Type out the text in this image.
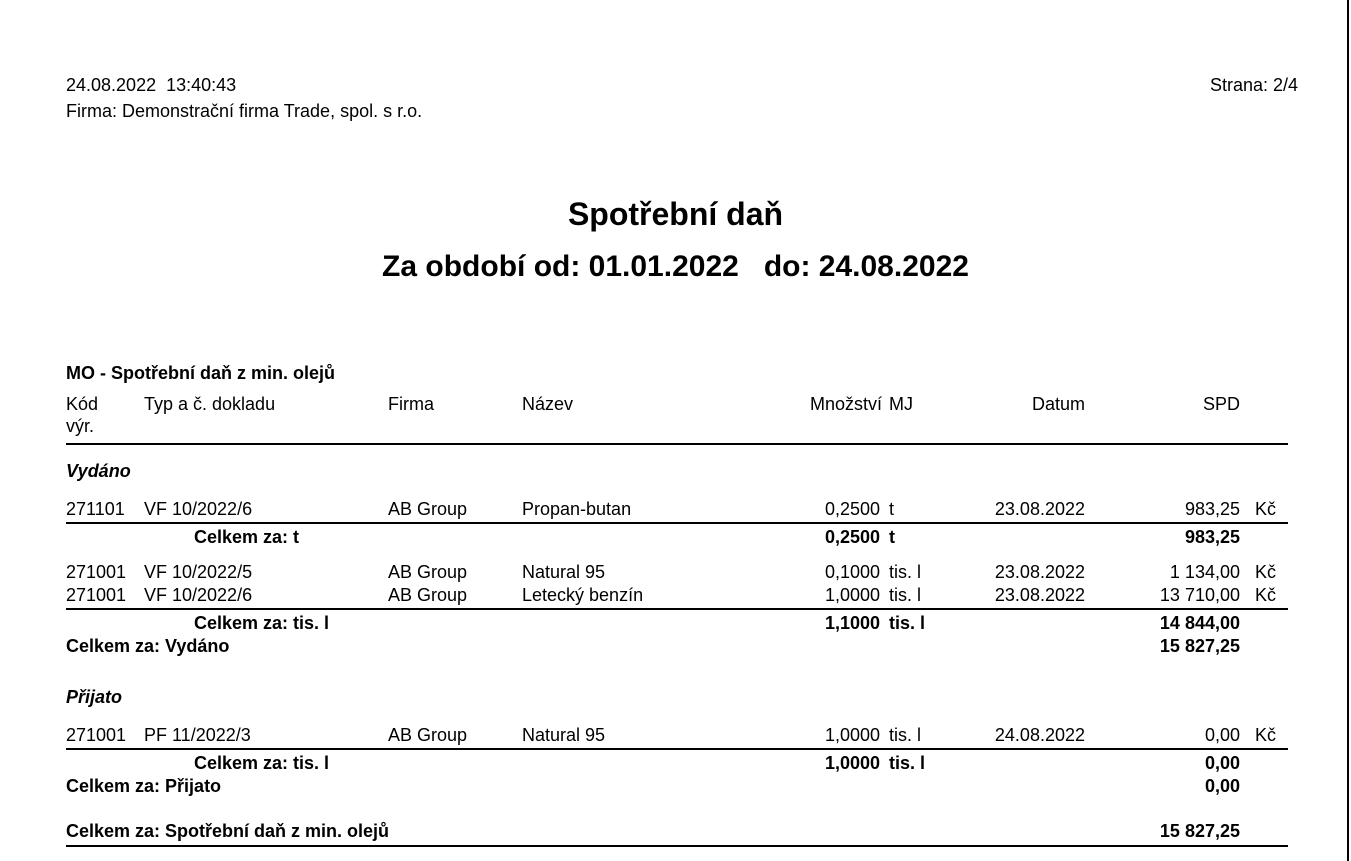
24.08.2022  13:40:43
Firma: Demonstrační firma Trade, spol. s r.o.
Strana: 2/4
Spotřební daň
Za období od: 01.01.2022   do: 24.08.2022
MO - Spotřební daň z min. olejů
Kód
výr.
Typ a č. dokladu	Firma	Název	Množství MJ	Datum	SPD
Vydáno
271101	VF 10/2022/6	AB Group	Propan-butan	0,2500 t	23.08.2022	983,25 Kč
Celkem za: t	0,2500 t	983,25
271001 VF 10/2022/5	AB Group	Natural 95	0,1000 tis. l	23.08.2022	1 134,00 Kč
271001 VF 10/2022/6	AB Group	Letecký benzín	1,0000 tis. l	23.08.2022	13 710,00 Kč
Celkem za: tis. l	1,1000 tis. l	14 844,00
Celkem za: Vydáno	15 827,25
Přijato
271001 PF 11/2022/3	AB Group	Natural 95	1,0000 tis. l	24.08.2022	0,00 Kč
Celkem za: tis. l	1,0000 tis. l	0,00
Celkem za: Přijato	0,00
Celkem za: Spotřební daň z min. olejů	15 827,25
